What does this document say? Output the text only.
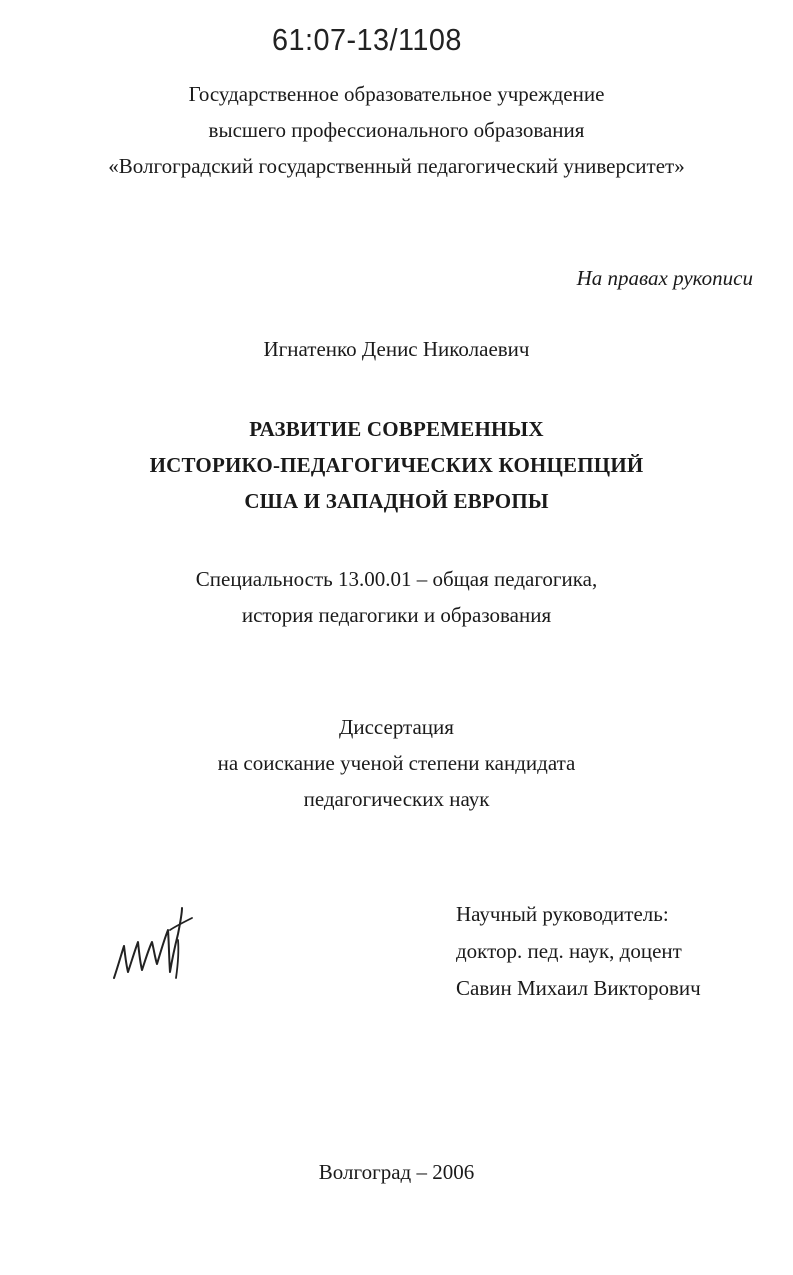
61:07-13/1108
Государственное образовательное учреждение
высшего профессионального образования
«Волгоградский государственный педагогический университет»
На правах рукописи
Игнатенко Денис Николаевич
РАЗВИТИЕ СОВРЕМЕННЫХ
ИСТОРИКО-ПЕДАГОГИЧЕСКИХ КОНЦЕПЦИЙ
США И ЗАПАДНОЙ ЕВРОПЫ
Специальность 13.00.01 – общая педагогика,
история педагогики и образования
Диссертация
на соискание ученой степени кандидата
педагогических наук
Научный руководитель:
доктор. пед. наук, доцент
Савин Михаил Викторович
Волгоград – 2006
